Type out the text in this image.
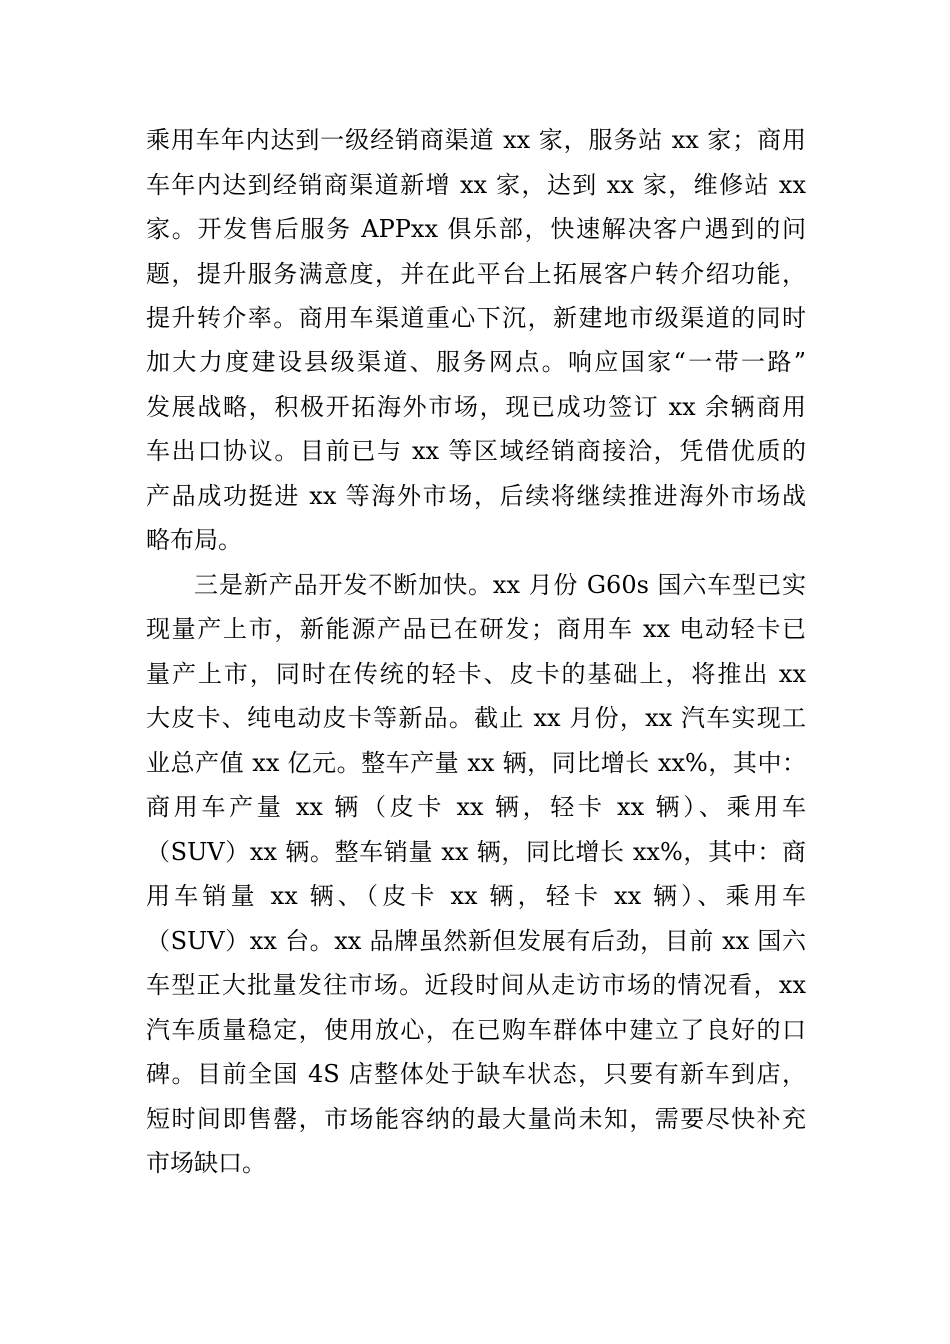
乘用车年内达到一级经销商渠道 xx 家，服务站 xx 家；商用
车年内达到经销商渠道新增 xx 家，达到 xx 家，维修站 xx
家。开发售后服务 APPxx 俱乐部，快速解决客户遇到的问
题，提升服务满意度，并在此平台上拓展客户转介绍功能，
提升转介率。商用车渠道重心下沉，新建地市级渠道的同时
加大力度建设县级渠道、服务网点。响应国家“一带一路”
发展战略，积极开拓海外市场，现已成功签订 xx 余辆商用
车出口协议。目前已与 xx 等区域经销商接洽，凭借优质的
产品成功挺进 xx 等海外市场，后续将继续推进海外市场战
略布局。
三是新产品开发不断加快。xx 月份 G60s 国六车型已实
现量产上市，新能源产品已在研发；商用车 xx 电动轻卡已
量产上市，同时在传统的轻卡、皮卡的基础上，将推出 xx
大皮卡、纯电动皮卡等新品。截止 xx 月份，xx 汽车实现工
业总产值 xx 亿元。整车产量 xx 辆，同比增长 xx%，其中：
商用车产量 xx 辆（皮卡 xx 辆，轻卡 xx 辆）、乘用车
（SUV）xx 辆。整车销量 xx 辆，同比增长 xx%，其中：商
用车销量 xx 辆、（皮卡 xx 辆，轻卡 xx 辆）、乘用车
（SUV）xx 台。xx 品牌虽然新但发展有后劲，目前 xx 国六
车型正大批量发往市场。近段时间从走访市场的情况看，xx
汽车质量稳定，使用放心，在已购车群体中建立了良好的口
碑。目前全国 4S 店整体处于缺车状态，只要有新车到店，
短时间即售罄，市场能容纳的最大量尚未知，需要尽快补充
市场缺口。
